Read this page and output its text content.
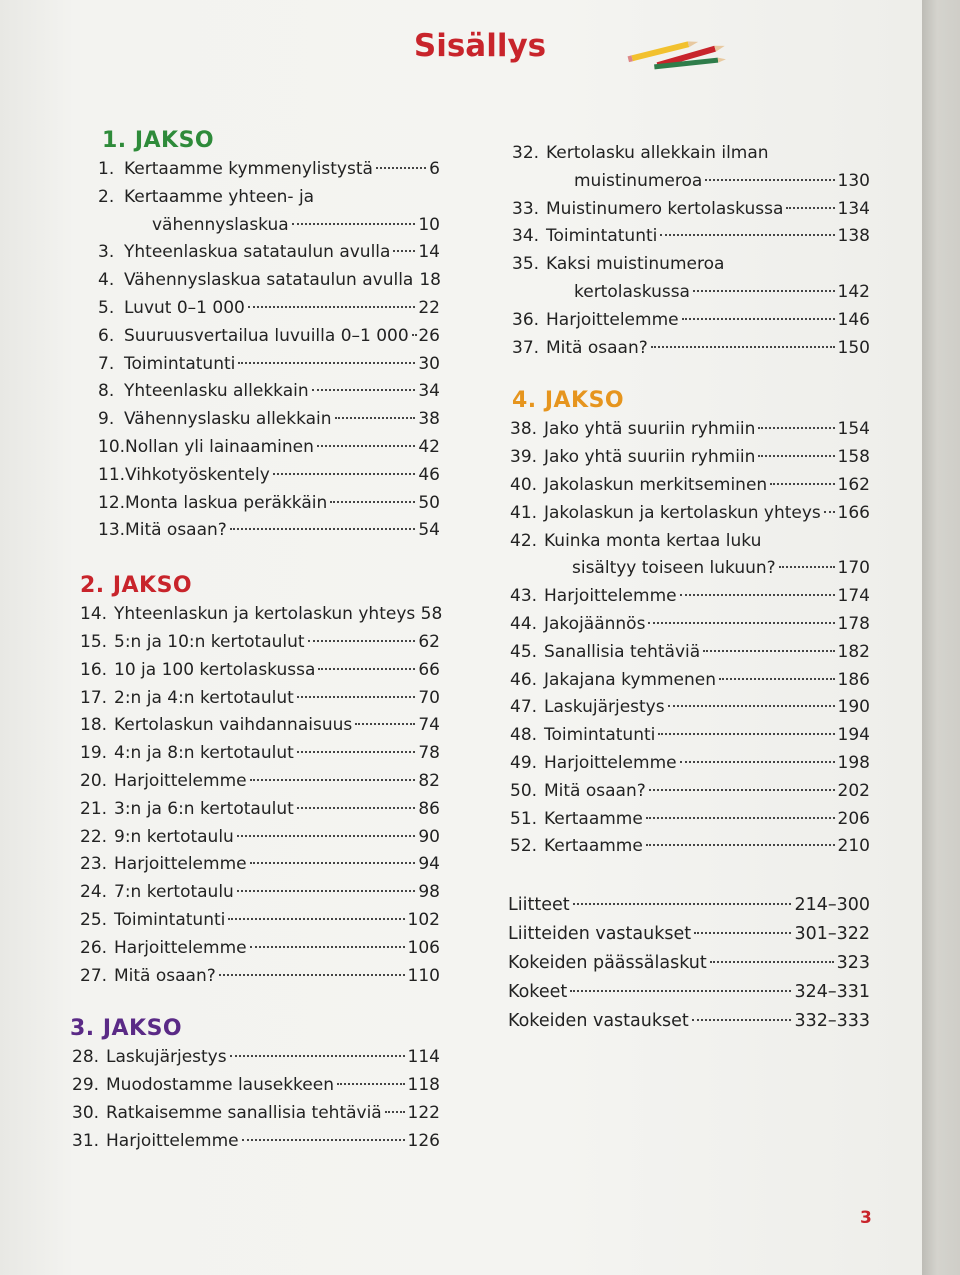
Sisällys
1. JAKSO
1. Kertaamme kymmenylistystä	6
2. Kertaamme yhteen- ja
vähennyslaskua	10
3. Yhteenlaskua satataulun avulla 14
4. Vähennyslaskua satataulun avulla 18
5. Luvut 0–1 000	22
6. Suuruusvertailua luvuilla 0–1 000 26
7. Toimintatunti	30
8. Yhteenlasku allekkain	34
9. Vähennyslasku allekkain	38
10. Nollan yli lainaaminen	42
11. Vihkotyöskentely	46
12. Monta laskua peräkkäin	50
13. Mitä osaan?	54
2. JAKSO
14. Yhteenlaskun ja kertolaskun yhteys 58
15. 5:n ja 10:n kertotaulut	62
16. 10 ja 100 kertolaskussa	66
17. 2:n ja 4:n kertotaulut	70
18. Kertolaskun vaihdannaisuus	74
19. 4:n ja 8:n kertotaulut	78
20. Harjoittelemme	82
21. 3:n ja 6:n kertotaulut	86
22. 9:n kertotaulu	90
23. Harjoittelemme	94
24. 7:n kertotaulu	98
25. Toimintatunti	102
26. Harjoittelemme	106
27. Mitä osaan?	110
3. JAKSO
28. Laskujärjestys	114
29. Muodostamme lausekkeen	118
30. Ratkaisemme sanallisia tehtäviä 122
31. Harjoittelemme	126
32. Kertolasku allekkain ilman
muistinumeroa	130
33. Muistinumero kertolaskussa	134
34. Toimintatunti	138
35. Kaksi muistinumeroa
kertolaskussa	142
36. Harjoittelemme	146
37. Mitä osaan?	150
4. JAKSO
38. Jako yhtä suuriin ryhmiin	154
39. Jako yhtä suuriin ryhmiin	158
40. Jakolaskun merkitseminen	162
41. Jakolaskun ja kertolaskun yhteys 166
42. Kuinka monta kertaa luku
sisältyy toiseen lukuun?	170
43. Harjoittelemme	174
44. Jakojäännös	178
45. Sanallisia tehtäviä	182
46. Jakajana kymmenen	186
47. Laskujärjestys	190
48. Toimintatunti	194
49. Harjoittelemme	198
50. Mitä osaan?	202
51. Kertaamme	206
52. Kertaamme	210
Liitteet	214–300
Liitteiden vastaukset	301–322
Kokeiden päässälaskut	323
Kokeet	324–331
Kokeiden vastaukset	332–333
3
